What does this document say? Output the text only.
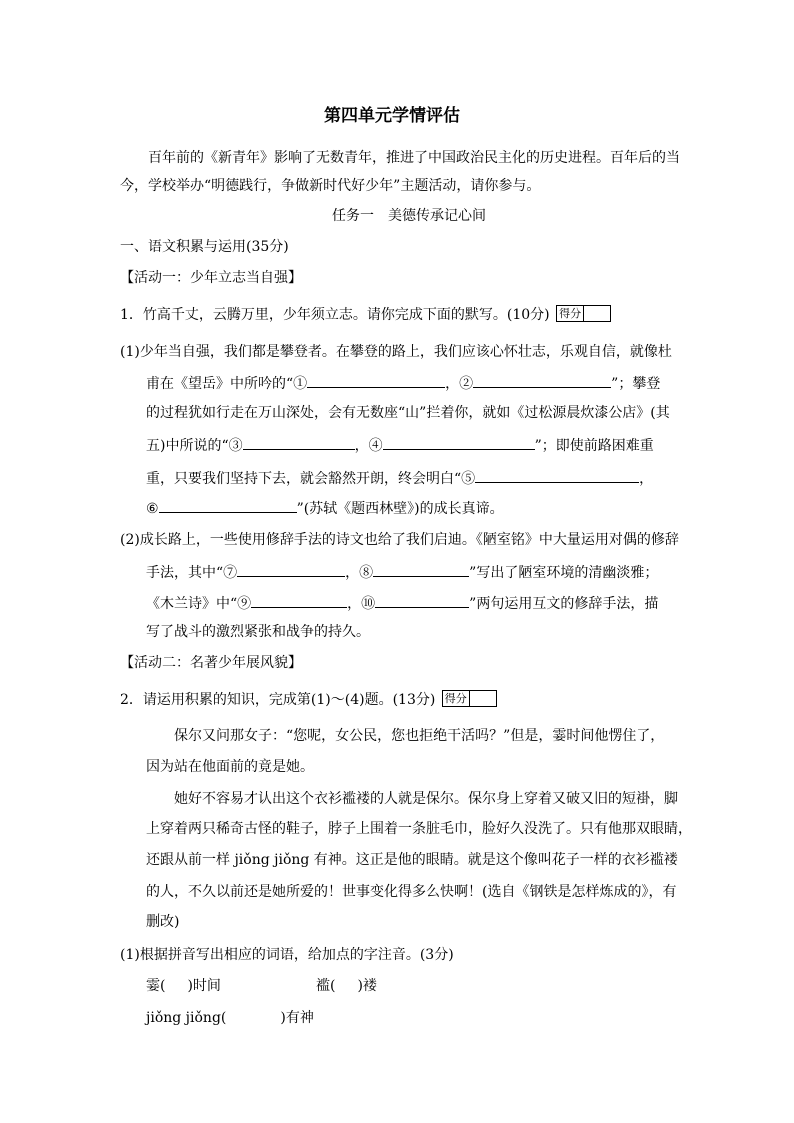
第四单元学情评估
百年前的《新青年》影响了无数青年，推进了中国政治民主化的历史进程。百年后的当
今，学校举办“明德践行，争做新时代好少年”主题活动，请你参与。
任务一　美德传承记心间
一、语文积累与运用(35分)
【活动一：少年立志当自强】
1．竹高千丈，云腾万里，少年须立志。请你完成下面的默写。(10分) 得分
(1)少年当自强，我们都是攀登者。在攀登的路上，我们应该心怀壮志，乐观自信，就像杜
甫在《望岳》中所吟的“①	，②	”；攀登
的过程犹如行走在万山深处，会有无数座“山”拦着你，就如《过松源晨炊漆公店》(其
五)中所说的“③	，④	”；即使前路困难重
重，只要我们坚持下去，就会豁然开朗，终会明白“⑤	，
⑥	”(苏轼《题西林壁》)的成长真谛。
(2)成长路上，一些使用修辞手法的诗文也给了我们启迪。《陋室铭》中大量运用对偶的修辞
手法，其中“⑦	，⑧	”写出了陋室环境的清幽淡雅；
《木兰诗》中“⑨	，⑩	”两句运用互文的修辞手法，描
写了战斗的激烈紧张和战争的持久。
【活动二：名著少年展风貌】
2．请运用积累的知识，完成第(1)～(4)题。(13分) 得分
保尔又问那女子：“您呢，女公民，您也拒绝干活吗？”但是，霎时间他愣住了，
因为站在他面前的竟是她。
她好不容易才认出这个衣衫褴褛的人就是保尔。保尔身上穿着又破又旧的短褂，脚
上穿着两只稀奇古怪的鞋子，脖子上围着一条脏毛巾，脸好久没洗了。只有他那双眼睛，
还跟从前一样 jiǒng jiǒng 有神。这正是他的眼睛。就是这个像叫花子一样的衣衫褴褛
的人，不久以前还是她所爱的！世事变化得多么快啊！(选自《钢铁是怎样炼成的》，有
删改)
(1)根据拼音写出相应的词语，给加点的字注音。(3分)
霎( )时间	褴( )褛
jiǒng jiǒng(	)有神
